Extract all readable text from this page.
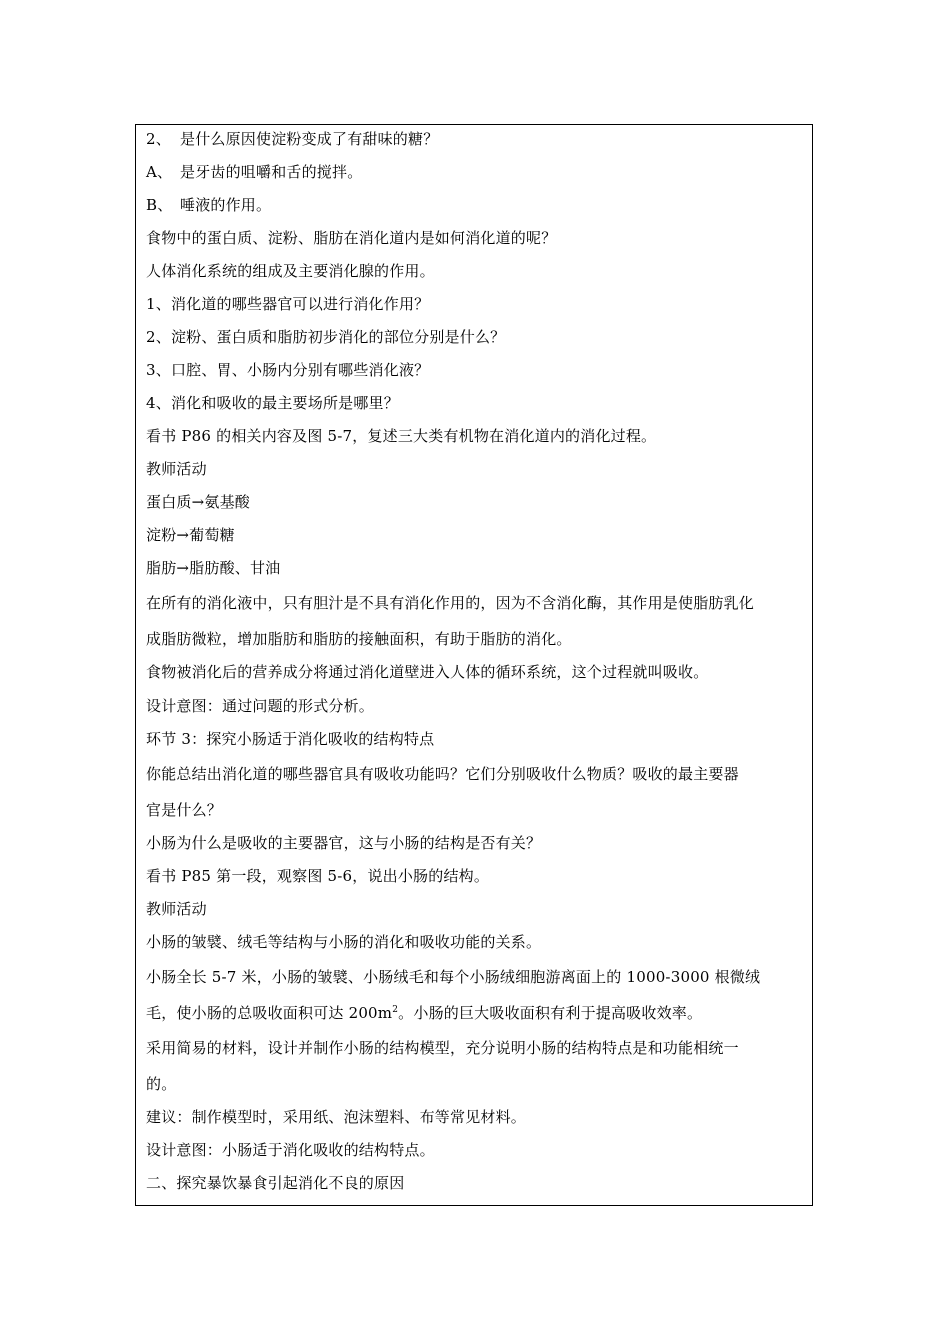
2、 是什么原因使淀粉变成了有甜味的糖？
A、 是牙齿的咀嚼和舌的搅拌。
B、 唾液的作用。
食物中的蛋白质、淀粉、脂肪在消化道内是如何消化道的呢？
人体消化系统的组成及主要消化腺的作用。
1、消化道的哪些器官可以进行消化作用？
2、淀粉、蛋白质和脂肪初步消化的部位分别是什么？
3、口腔、胃、小肠内分别有哪些消化液？
4、消化和吸收的最主要场所是哪里？
看书 P86 的相关内容及图 5-7，复述三大类有机物在消化道内的消化过程。
教师活动
蛋白质→氨基酸
淀粉→葡萄糖
脂肪→脂肪酸、甘油
在所有的消化液中，只有胆汁是不具有消化作用的，因为不含消化酶，其作用是使脂肪乳化
成脂肪微粒，增加脂肪和脂肪的接触面积，有助于脂肪的消化。
食物被消化后的营养成分将通过消化道壁进入人体的循环系统，这个过程就叫吸收。
设计意图：通过问题的形式分析。
环节 3：探究小肠适于消化吸收的结构特点
你能总结出消化道的哪些器官具有吸收功能吗？它们分别吸收什么物质？吸收的最主要器
官是什么？
小肠为什么是吸收的主要器官，这与小肠的结构是否有关？
看书 P85 第一段，观察图 5-6，说出小肠的结构。
教师活动
小肠的皱襞、绒毛等结构与小肠的消化和吸收功能的关系。
小肠全长 5-7 米，小肠的皱襞、小肠绒毛和每个小肠绒细胞游离面上的 1000-3000 根微绒
毛，使小肠的总吸收面积可达 $200m^2$。小肠的巨大吸收面积有利于提高吸收效率。
采用简易的材料，设计并制作小肠的结构模型，充分说明小肠的结构特点是和功能相统一
的。
建议：制作模型时，采用纸、泡沫塑料、布等常见材料。
设计意图：小肠适于消化吸收的结构特点。
二、探究暴饮暴食引起消化不良的原因
